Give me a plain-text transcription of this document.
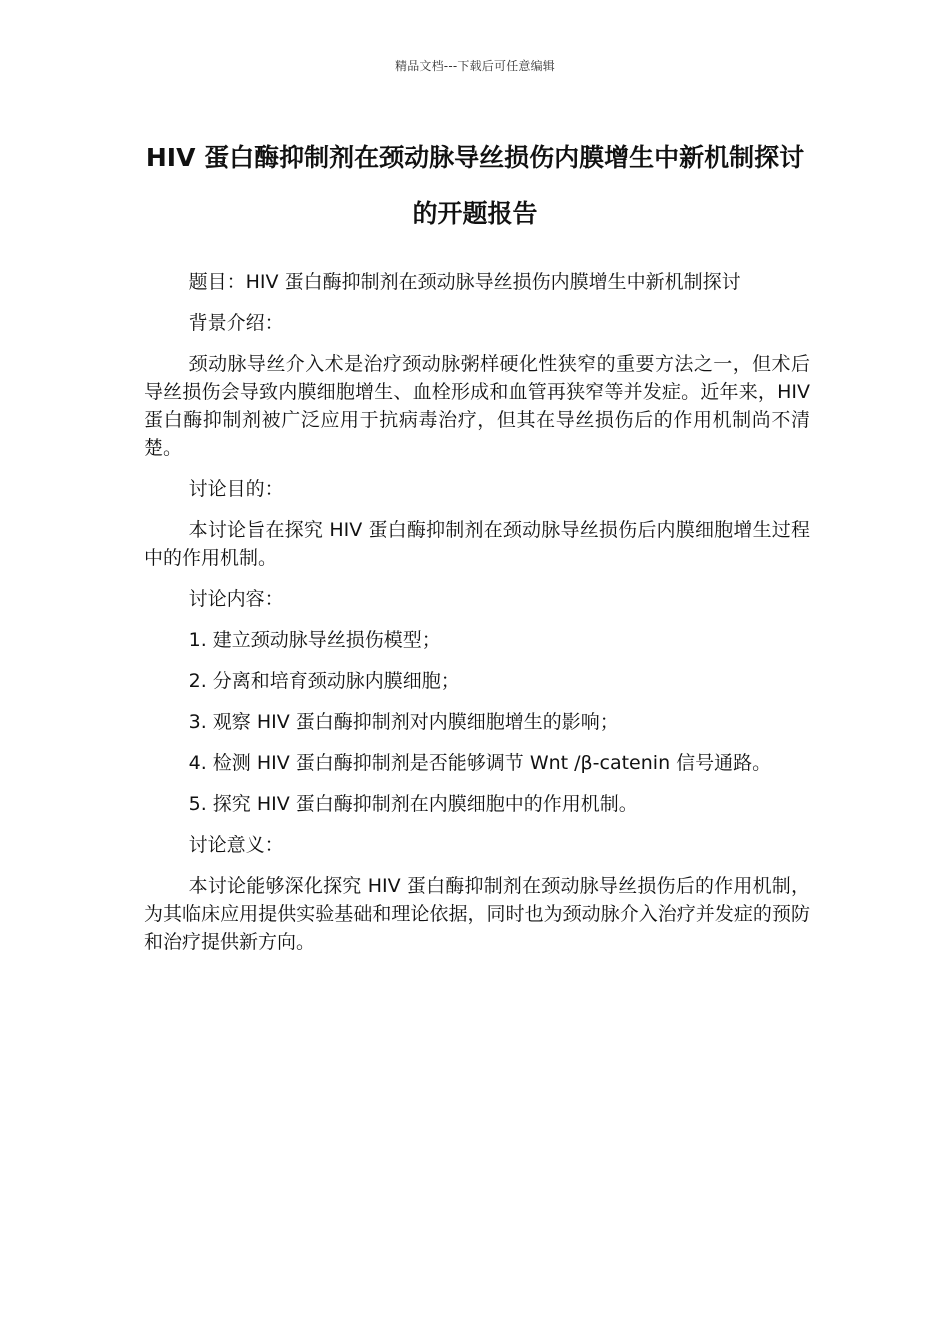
精品文档---下载后可任意编辑
HIV 蛋白酶抑制剂在颈动脉导丝损伤内膜增生中新机制探讨的开题报告

题目：HIV 蛋白酶抑制剂在颈动脉导丝损伤内膜增生中新机制探讨

背景介绍：

颈动脉导丝介入术是治疗颈动脉粥样硬化性狭窄的重要方法之一，但术后导丝损伤会导致内膜细胞增生、血栓形成和血管再狭窄等并发症。近年来，HIV 蛋白酶抑制剂被广泛应用于抗病毒治疗，但其在导丝损伤后的作用机制尚不清楚。

讨论目的：

本讨论旨在探究 HIV 蛋白酶抑制剂在颈动脉导丝损伤后内膜细胞增生过程中的作用机制。

讨论内容：

1. 建立颈动脉导丝损伤模型；

2. 分离和培育颈动脉内膜细胞；

3. 观察 HIV 蛋白酶抑制剂对内膜细胞增生的影响；

4. 检测 HIV 蛋白酶抑制剂是否能够调节 Wnt /β-catenin 信号通路。

5. 探究 HIV 蛋白酶抑制剂在内膜细胞中的作用机制。

讨论意义：

本讨论能够深化探究 HIV 蛋白酶抑制剂在颈动脉导丝损伤后的作用机制，为其临床应用提供实验基础和理论依据，同时也为颈动脉介入治疗并发症的预防和治疗提供新方向。
